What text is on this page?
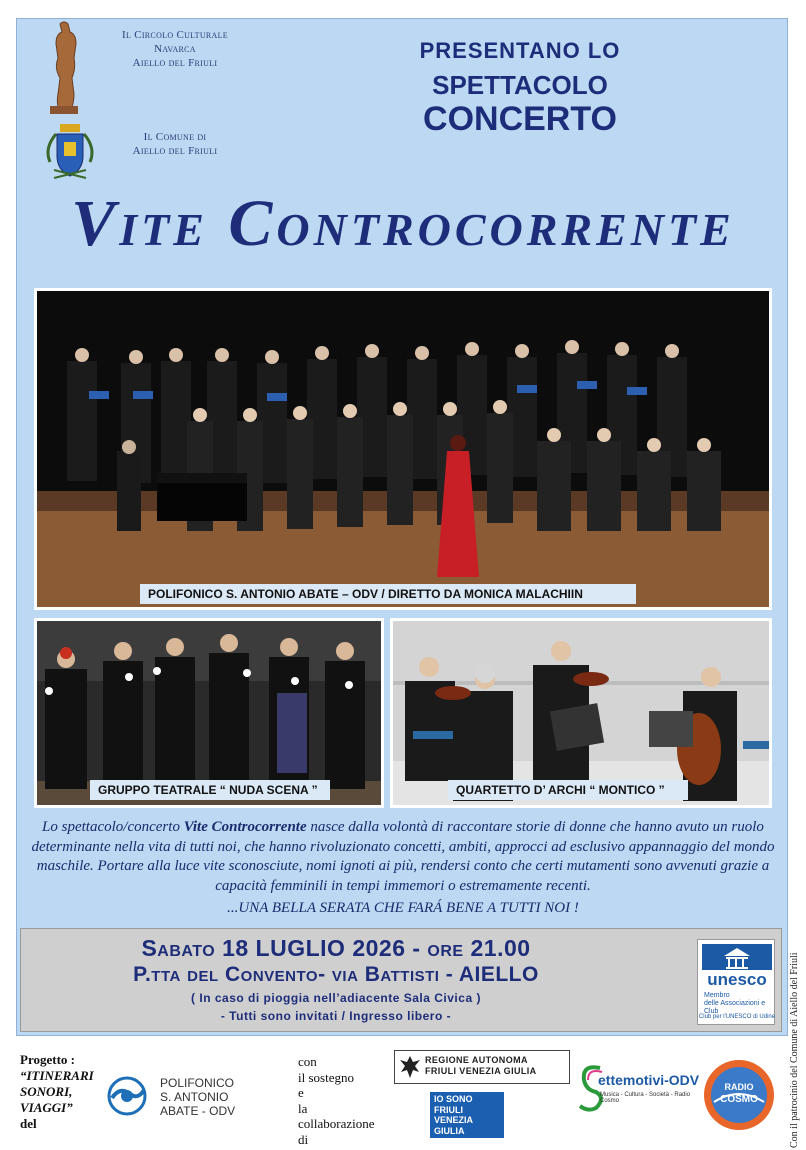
Il Circolo Culturale
Navarca
Aiello del Friuli
Il Comune di
Aiello del Friuli
PRESENTANO LO
SPETTACOLO
CONCERTO
Vite Controcorrente
POLIFONICO S. ANTONIO ABATE – ODV / DIRETTO DA MONICA MALACHIIN
GRUPPO TEATRALE “ NUDA SCENA ”	QUARTETTO D’ ARCHI “ MONTICO ”
Lo spettacolo/concerto Vite Controcorrente nasce dalla volontà di raccontare storie di donne che hanno avuto un ruolo determinante nella vita di tutti noi, che hanno rivoluzionato concetti, ambiti, approcci ad esclusivo appannaggio del mondo maschile. Portare alla luce vite sconosciute, nomi ignoti ai più, rendersi conto che certi mutamenti sono avvenuti grazie a capacità femminili in tempi immemori o estremamente recenti.
...UNA BELLA SERATA CHE FARÁ BENE A TUTTI NOI !
Sabato 18 LUGLIO 2026 - ore 21.00
P.tta del Convento- via Battisti - AIELLO
( In caso di pioggia nell’adiacente Sala Civica )
- Tutti sono invitati / Ingresso libero -
unesco
Membro
delle Associazioni e Club
Club per l'UNESCO di Udine Con il patrocinio del Comune di Aiello del Friuli
Progetto :
“ITINERARI
SONORI,
VIAGGI”
del
POLIFONICO
S. ANTONIO
ABATE - ODV
con
il sostegno
e
la
collaborazione
di
REGIONE AUTONOMA
FRIULI VENEZIA GIULIA
IO SONO
FRIULI
VENEZIA
GIULIA
ettemotivi-ODV
Musica - Cultura - Società - Radio Cosmo
RADIO
COSMO
